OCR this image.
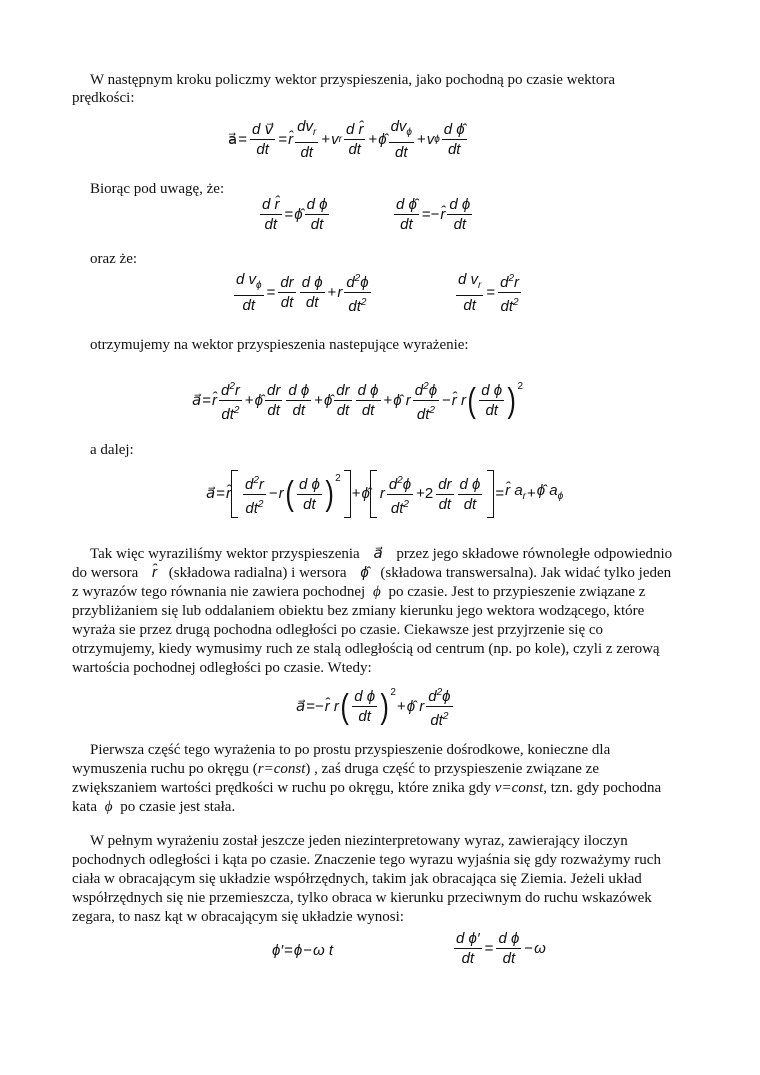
W następnym kroku policzmy wektor przyspieszenia, jako pochodną po czasie wektora
prędkości:
a⃗ = $\frac{\text{d v⃗}}{dt}$ = r̂ $\frac{dv_r}{dt} + v$ r $\frac{\text{d r̂}}{dt}$ + ϕ̂ $\frac{dv_\phi}{dt} + v$ ϕ $\frac{\text{d ϕ̂}}{dt}$
Biorąc pod uwagę, że:
$\frac{\text{d r̂}}{dt}$ = ϕ̂ $\frac{\text{d ϕ}}{dt}$	$\frac{\text{d ϕ̂}}{dt}$ =− r̂ $\frac{\text{d ϕ}}{dt}$
oraz że:
$\frac{d v_\phi}{dt} = \frac{dr}{dt} \frac{\text{d ϕ}}{dt} + r \frac{d^2\phi}{dt^2}$	$\frac{d v_r}{dt} = \frac{d^2r}{dt^2}$
otrzymujemy na wektor przyspieszenia nastepujące wyrażenie:
a⃗ = r̂ $\frac{d^2r}{dt^2}$ + ϕ̂ $\frac{dr}{dt} \frac{\text{d ϕ}}{dt}$ + ϕ̂ $\frac{dr}{dt} \frac{\text{d ϕ}}{dt}$ + ϕ̂ r $\frac{d^2\phi}{dt^2}$ − r̂ r ( $\frac{\text{d ϕ}}{dt} )^2$
a dalej:
a⃗ = r̂ $\frac{d^2r}{dt^2} - r$ ( $\frac{\text{d ϕ}}{dt} )^2$
+ ϕ̂ r $\frac{d^2\phi}{dt^2} +2 \frac{dr}{dt} \frac{\text{d ϕ}}{dt}$ = r̂ $a_r$ + ϕ̂ $a_\phi$
Tak więc wyraziliśmy wektor przyspieszenia a⃗ przez jego składowe równoległe odpowiednio
do wersora r̂ (składowa radialna) i wersora ϕ̂ (składowa transwersalna). Jak widać tylko jeden
z wyrazów tego równania nie zawiera pochodnej ϕ po czasie. Jest to przypieszenie związane z
przybliżaniem się lub oddalaniem obiektu bez zmiany kierunku jego wektora wodzącego, które
wyraża sie przez drugą pochodna odległości po czasie. Ciekawsze jest przyjrzenie się co
otrzymujemy, kiedy wymusimy ruch ze stalą odległością od centrum (np. po kole), czyli z zerową
wartościa pochodnej odległości po czasie. Wtedy:
a⃗ =− r̂ r ( $\frac{\text{d ϕ}}{dt} )^2$
+ ϕ̂ r $\frac{d^2\phi}{dt^2}$
Pierwsza część tego wyrażenia to po prostu przyspieszenie dośrodkowe, konieczne dla
wymuszenia ruchu po okręgu (r=const) , zaś druga część to przyspieszenie związane ze
zwiększaniem wartości prędkości w ruchu po okręgu, które znika gdy v=const, tzn. gdy pochodna
kata ϕ po czasie jest stała.
W pełnym wyrażeniu został jeszcze jeden niezinterpretowany wyraz, zawierający iloczyn
pochodnych odległości i kąta po czasie. Znaczenie tego wyrazu wyjaśnia się gdy rozważymy ruch
ciała w obracającym się układzie współrzędnych, takim jak obracająca się Ziemia. Jeżeli układ
współrzędnych się nie przemieszcza, tylko obraca w kierunku przeciwnym do ruchu wskazówek
zegara, to nasz kąt w obracającym się układzie wynosi:
ϕ′ = ϕ − ω
t	$\frac{\text{d ϕ′}}{dt} = \frac{\text{d ϕ}}{dt} - \omega$
